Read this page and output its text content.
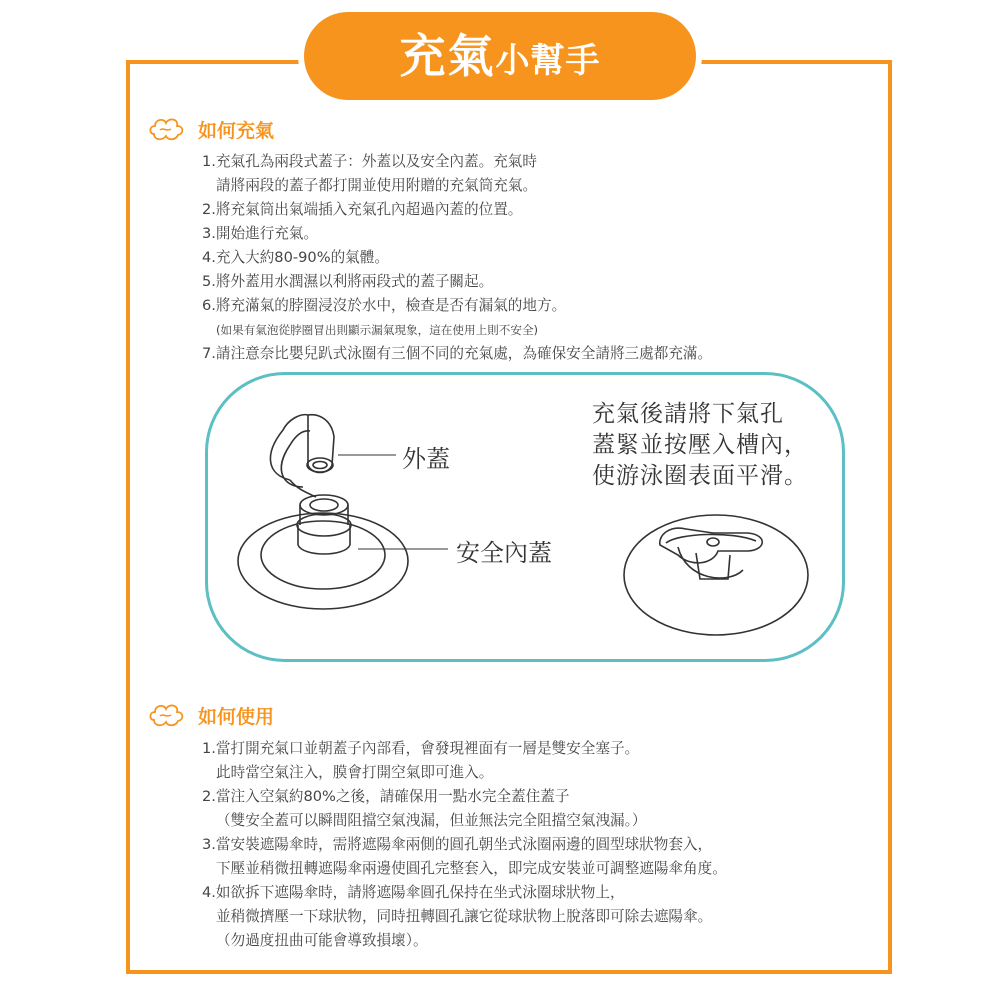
充氣小幫手
如何充氣
1.充氣孔為兩段式蓋子：外蓋以及安全內蓋。充氣時
請將兩段的蓋子都打開並使用附贈的充氣筒充氣。
2.將充氣筒出氣端插入充氣孔內超過內蓋的位置。
3.開始進行充氣。
4.充入大約80-90%的氣體。
5.將外蓋用水潤濕以利將兩段式的蓋子關起。
6.將充滿氣的脖圈浸沒於水中，檢查是否有漏氣的地方。
(如果有氣泡從脖圈冒出則顯示漏氣現象，這在使用上則不安全)
7.請注意奈比嬰兒趴式泳圈有三個不同的充氣處，為確保安全請將三處都充滿。
外蓋
安全內蓋
充氣後請將下氣孔
蓋緊並按壓入槽內，
使游泳圈表面平滑。
如何使用
1.當打開充氣口並朝蓋子內部看，會發現裡面有一層是雙安全塞子。
此時當空氣注入，膜會打開空氣即可進入。
2.當注入空氣約80%之後，請確保用一點水完全蓋住蓋子
（雙安全蓋可以瞬間阻擋空氣洩漏，但並無法完全阻擋空氣洩漏。）
3.當安裝遮陽傘時，需將遮陽傘兩側的圓孔朝坐式泳圈兩邊的圓型球狀物套入，
下壓並稍微扭轉遮陽傘兩邊使圓孔完整套入，即完成安裝並可調整遮陽傘角度。
4.如欲拆下遮陽傘時，請將遮陽傘圓孔保持在坐式泳圈球狀物上，
並稍微擠壓一下球狀物，同時扭轉圓孔讓它從球狀物上脫落即可除去遮陽傘。
（勿過度扭曲可能會導致損壞）。
